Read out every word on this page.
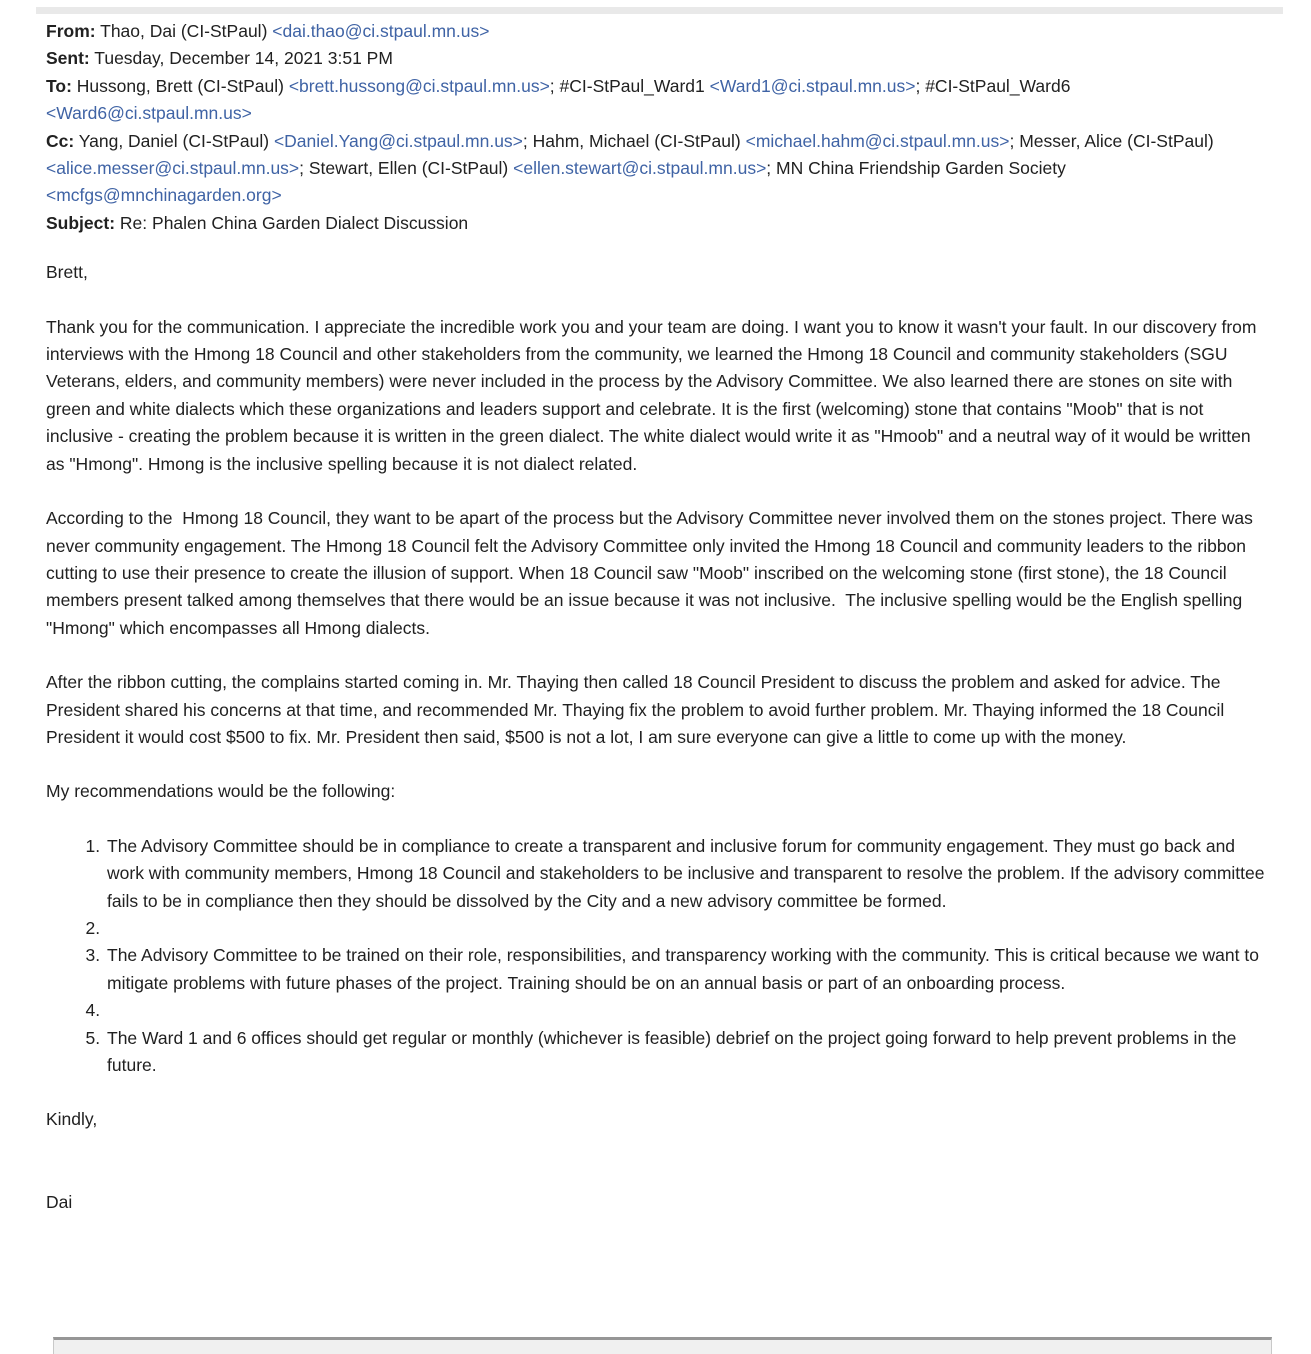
From: Thao, Dai (CI-StPaul) <dai.thao@ci.stpaul.mn.us>
Sent: Tuesday, December 14, 2021 3:51 PM
To: Hussong, Brett (CI-StPaul) <brett.hussong@ci.stpaul.mn.us>; #CI-StPaul_Ward1 <Ward1@ci.stpaul.mn.us>; #CI-StPaul_Ward6 <Ward6@ci.stpaul.mn.us>
Cc: Yang, Daniel (CI-StPaul) <Daniel.Yang@ci.stpaul.mn.us>; Hahm, Michael (CI-StPaul) <michael.hahm@ci.stpaul.mn.us>; Messer, Alice (CI-StPaul) <alice.messer@ci.stpaul.mn.us>; Stewart, Ellen (CI-StPaul) <ellen.stewart@ci.stpaul.mn.us>; MN China Friendship Garden Society <mcfgs@mnchinagarden.org>
Subject: Re: Phalen China Garden Dialect Discussion

Brett,

Thank you for the communication. I appreciate the incredible work you and your team are doing. I want you to know it wasn't your fault. In our discovery from interviews with the Hmong 18 Council and other stakeholders from the community, we learned the Hmong 18 Council and community stakeholders (SGU Veterans, elders, and community members) were never included in the process by the Advisory Committee. We also learned there are stones on site with green and white dialects which these organizations and leaders support and celebrate. It is the first (welcoming) stone that contains "Moob" that is not inclusive - creating the problem because it is written in the green dialect. The white dialect would write it as "Hmoob" and a neutral way of it would be written as "Hmong". Hmong is the inclusive spelling because it is not dialect related.

According to the  Hmong 18 Council, they want to be apart of the process but the Advisory Committee never involved them on the stones project. There was never community engagement. The Hmong 18 Council felt the Advisory Committee only invited the Hmong 18 Council and community leaders to the ribbon cutting to use their presence to create the illusion of support. When 18 Council saw "Moob" inscribed on the welcoming stone (first stone), the 18 Council members present talked among themselves that there would be an issue because it was not inclusive.  The inclusive spelling would be the English spelling "Hmong" which encompasses all Hmong dialects.

After the ribbon cutting, the complains started coming in. Mr. Thaying then called 18 Council President to discuss the problem and asked for advice. The President shared his concerns at that time, and recommended Mr. Thaying fix the problem to avoid further problem. Mr. Thaying informed the 18 Council President it would cost $500 to fix. Mr. President then said, $500 is not a lot, I am sure everyone can give a little to come up with the money.

My recommendations would be the following:

1. The Advisory Committee should be in compliance to create a transparent and inclusive forum for community engagement. They must go back and work with community members, Hmong 18 Council and stakeholders to be inclusive and transparent to resolve the problem. If the advisory committee fails to be in compliance then they should be dissolved by the City and a new advisory committee be formed.
2.
3. The Advisory Committee to be trained on their role, responsibilities, and transparency working with the community. This is critical because we want to mitigate problems with future phases of the project. Training should be on an annual basis or part of an onboarding process.
4.
5. The Ward 1 and 6 offices should get regular or monthly (whichever is feasible) debrief on the project going forward to help prevent problems in the future.

Kindly,

Dai
